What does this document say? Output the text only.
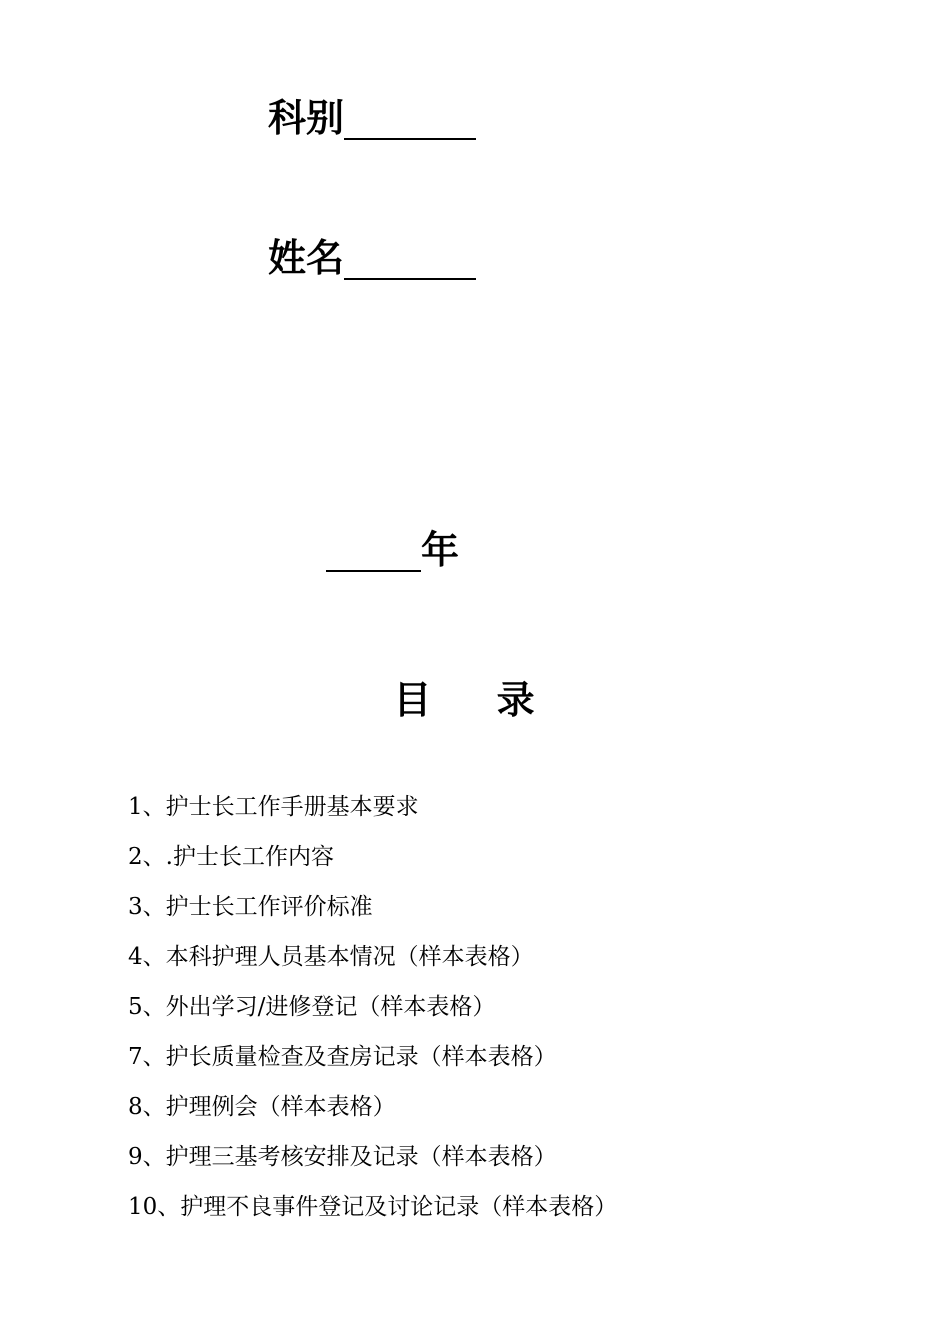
科别
姓名
年
目 录
1、护士长工作手册基本要求
2、.护士长工作内容
3、护士长工作评价标准
4、本科护理人员基本情况（样本表格）
5、外出学习/进修登记（样本表格）
7、护长质量检查及查房记录（样本表格）
8、护理例会（样本表格）
9、护理三基考核安排及记录（样本表格）
10、护理不良事件登记及讨论记录（样本表格）
